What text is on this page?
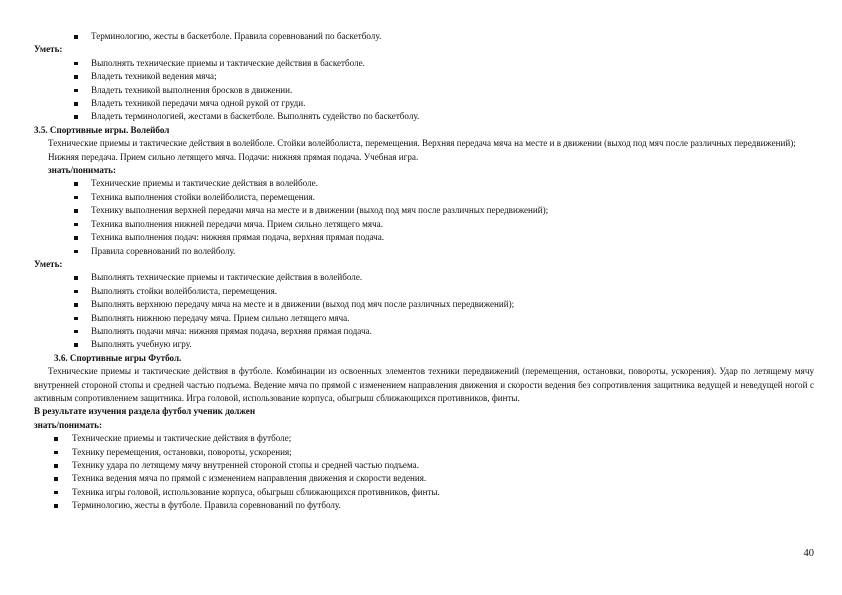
Терминологию, жесты в баскетболе. Правила соревнований по баскетболу.
Уметь:
Выполнять технические приемы и тактические действия в баскетболе.
Владеть техникой ведения мяча;
Владеть техникой выполнения бросков в движении.
Владеть техникой передачи мяча одной рукой от груди.
Владеть терминологией, жестами в баскетболе. Выполнять судейство по баскетболу.
3.5. Спортивные игры. Волейбол
Технические приемы и тактические действия в волейболе. Стойки волейболиста, перемещения. Верхняя передача мяча на месте и в движении (выход под мяч после различных передвижений); Нижняя передача. Прием сильно летящего мяча. Подачи: нижняя прямая подача. Учебная игра.
знать/понимать:
Технические приемы и тактические действия в волейболе.
Техника выполнения стойки волейболиста, перемещения.
Технику выполнения верхней передачи мяча на месте и в движении (выход под мяч после различных передвижений);
Техника выполнения нижней передачи мяча. Прием сильно летящего мяча.
Техника выполнения подач: нижняя прямая подача, верхняя прямая подача.
Правила соревнований по волейболу.
Уметь:
Выполнять технические приемы и тактические действия в волейболе.
Выполнять стойки волейболиста, перемещения.
Выполнять верхнюю передачу мяча на месте и в движении (выход под мяч после различных передвижений);
Выполнять нижнюю передачу мяча. Прием сильно летящего мяча.
Выполнять подачи мяча: нижняя прямая подача, верхняя прямая подача.
Выполнять учебную игру.
3.6. Спортивные игры Футбол.
Технические приемы и тактические действия в футболе. Комбинации из освоенных элементов техники передвижений (перемещения, остановки, повороты, ускорения). Удар по летящему мячу внутренней стороной стопы и средней частью подъема. Ведение мяча по прямой с изменением направления движения и скорости ведения без сопротивления защитника ведущей и неведущей ногой с активным сопротивлением защитника. Игра головой, использование корпуса, обыгрыш сближающихся противников, финты.
В результате изучения раздела футбол ученик должен
знать/понимать:
Технические приемы и тактические действия в футболе;
Технику перемещения, остановки, повороты, ускорения;
Технику удара по летящему мячу внутренней стороной стопы и средней частью подъема.
Техника ведения мяча по прямой с изменением направления движения и скорости ведения.
Техника игры головой, использование корпуса, обыгрыш сближающихся противников, финты.
Терминологию, жесты в футболе. Правила соревнований по футболу.
40
